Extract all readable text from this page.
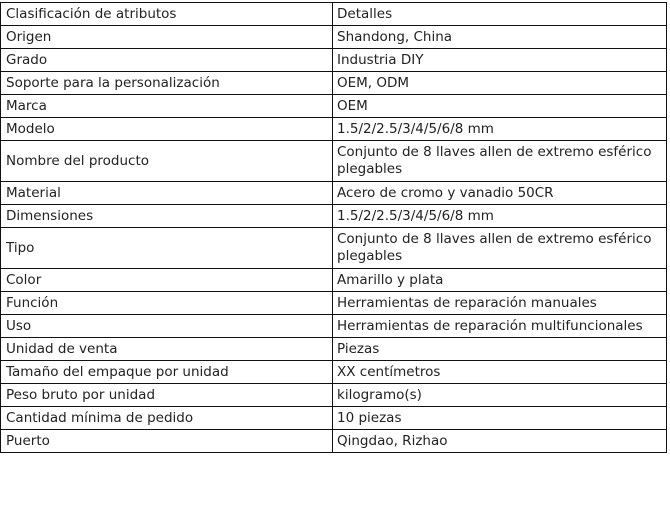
Clasificación de atributos	Detalles
Origen	Shandong, China
Grado	Industria DIY
Soporte para la personalización	OEM, ODM
Marca	OEM
Modelo	1.5/2/2.5/3/4/5/6/8 mm
Nombre del producto	Conjunto de 8 llaves allen de extremo esférico plegables
Material	Acero de cromo y vanadio 50CR
Dimensiones	1.5/2/2.5/3/4/5/6/8 mm
Tipo	Conjunto de 8 llaves allen de extremo esférico plegables
Color	Amarillo y plata
Función	Herramientas de reparación manuales
Uso	Herramientas de reparación multifuncionales
Unidad de venta	Piezas
Tamaño del empaque por unidad	XX centímetros
Peso bruto por unidad	kilogramo(s)
Cantidad mínima de pedido	10 piezas
Puerto	Qingdao, Rizhao
